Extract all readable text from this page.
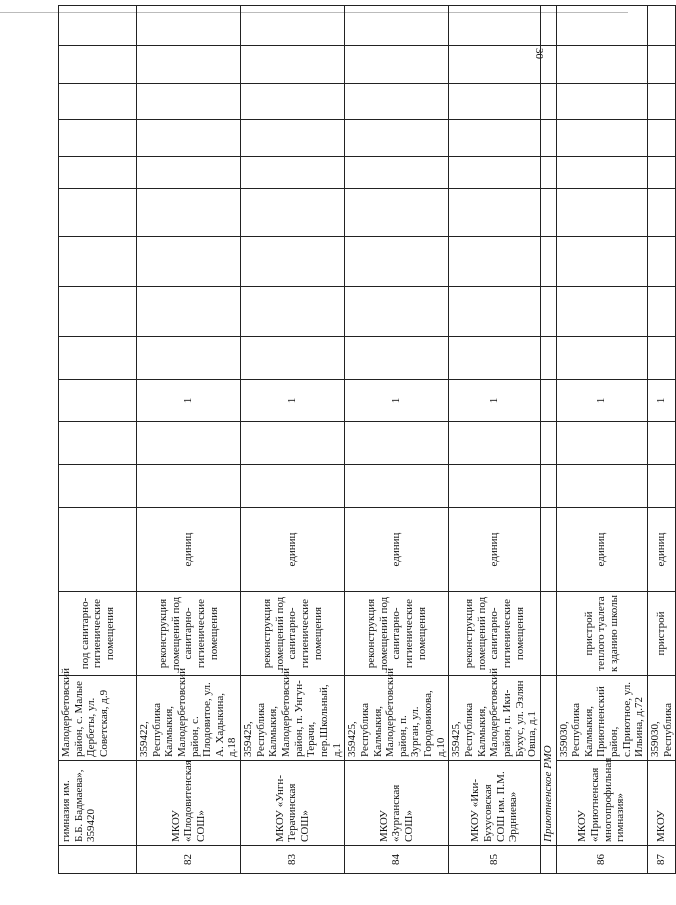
30
	гимназия им. Б.Б. Бадмаева», 359420	Малодербетовский район, с. Малые Дербеты, ул. Советская, д.9	под санитарно-гигиенические помещения													
82	МКОУ «Плодовитенская СОШ»	359422, Республика Калмыкия, Малодербетовский район, с. Плодовитое, ул. А. Хадыкина, д.18	реконструкция помещений под санитарно-гигиенические помещения	единиц			1									
83	МКОУ «Унгн-Терачинская СОШ»	359425, Республика Калмыкия, Малодербетовский район, п. Унгун-Терачи, пер.Школьный, д.1	реконструкция помещений под санитарно-гигиенические помещения	единиц			1									
84	МКОУ «Зурганская СОШ»	359425, Республика Калмыкия, Малодербетовский район, п. Зурган, ул. Городовикова, д.10	реконструкция помещений под санитарно-гигиенические помещения	единиц			1									
85	МКОУ «Ики-Бухусовская СОШ им. П.М. Эрдниева»	359425, Республика Калмыкия, Малодербетовский район, п. Ики-Бухус, ул. Эзлян Овша, д.1	реконструкция помещений под санитарно-гигиенические помещения	единиц			1									
	Приютненское РМО															
86	МКОУ «Приютненская многопрофильная гимназия»	359030, Республика Калмыкия, Приютненский район, с.Приютное, ул. Ильина, д.72	пристрой теплого туалета к зданию школы	единиц			1									
87	МКОУ	359030, Республика	пристрой	единиц			1									
